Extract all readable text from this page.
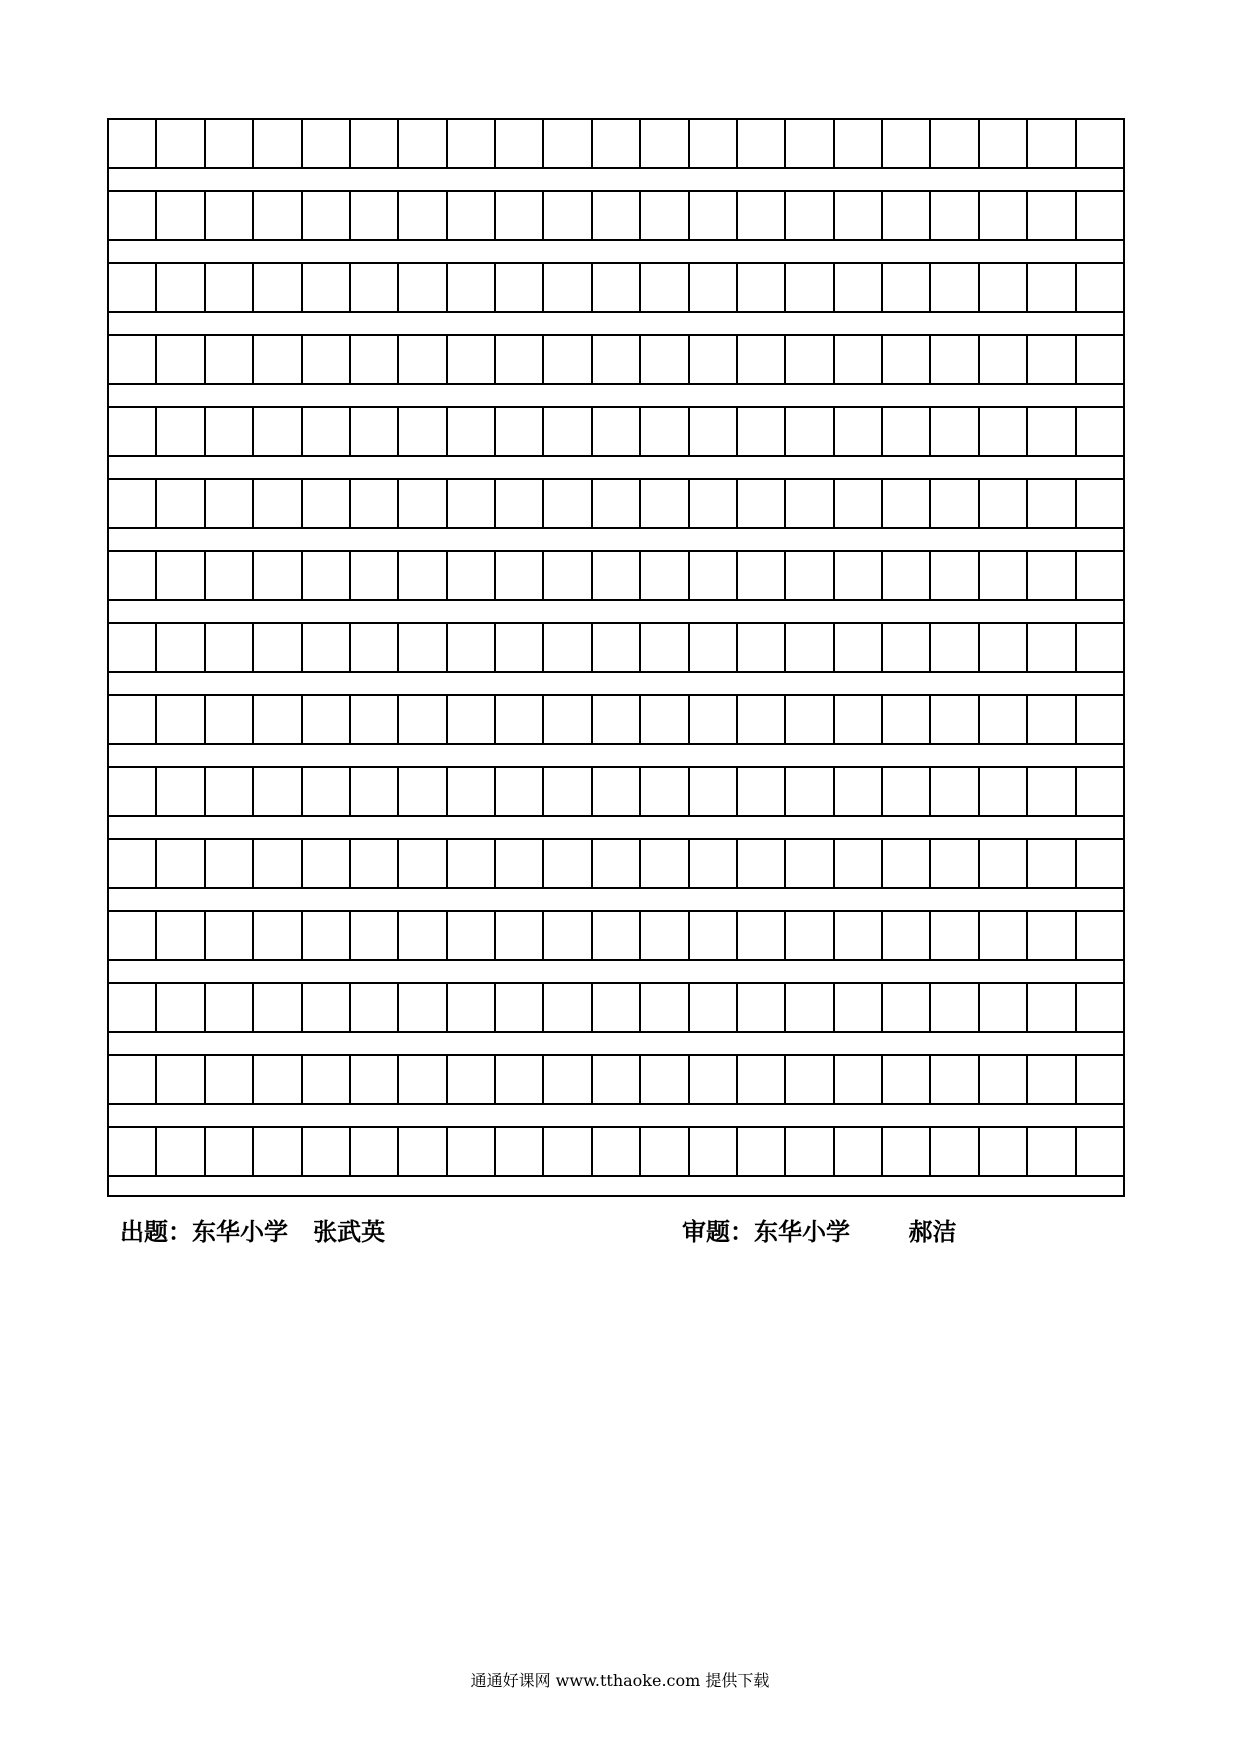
出题：东华小学 张武英	审题：东华小学 郝洁
通通好课网 www.tthaoke.com 提供下载
